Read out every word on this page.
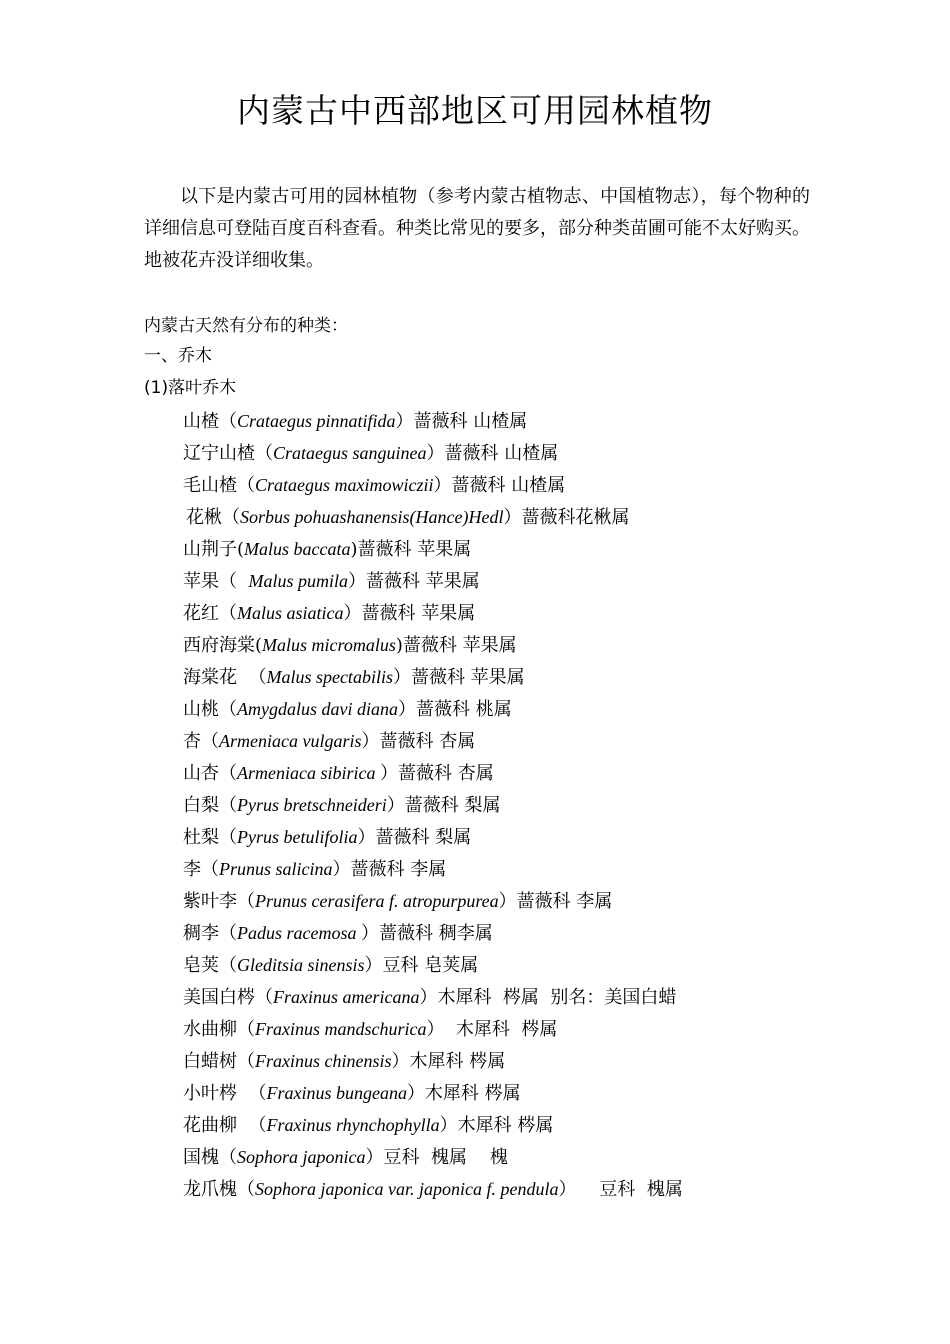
内蒙古中西部地区可用园林植物

以下是内蒙古可用的园林植物（参考内蒙古植物志、中国植物志），每个物种的详细信息可登陆百度百科查看。种类比常见的要多，部分种类苗圃可能不太好购买。地被花卉没详细收集。

内蒙古天然有分布的种类：
一、乔木
(1)落叶乔木
山楂（Crataegus pinnatifida）蔷薇科 山楂属
辽宁山楂（Crataegus sanguinea）蔷薇科 山楂属
毛山楂（Crataegus maximowiczii）蔷薇科 山楂属
花楸（Sorbus pohuashanensis(Hance)Hedl）蔷薇科花楸属
山荆子(Malus baccata)蔷薇科 苹果属
苹果（  Malus pumila）蔷薇科 苹果属
花红（Malus asiatica）蔷薇科 苹果属
西府海棠(Malus micromalus)蔷薇科 苹果属
海棠花  （Malus spectabilis）蔷薇科 苹果属
山桃（Amygdalus davi diana）蔷薇科 桃属
杏（Armeniaca vulgaris）蔷薇科 杏属
山杏（Armeniaca sibirica ）蔷薇科 杏属
白梨（Pyrus bretschneideri）蔷薇科 梨属
杜梨（Pyrus betulifolia）蔷薇科 梨属
李（Prunus salicina）蔷薇科 李属
紫叶李（Prunus cerasifera f. atropurpurea）蔷薇科 李属
稠李（Padus racemosa ）蔷薇科 稠李属
皂荚（Gleditsia sinensis）豆科 皂荚属
美国白梣（Fraxinus americana）木犀科  梣属  别名：美国白蜡
水曲柳（Fraxinus mandschurica）  木犀科  梣属
白蜡树（Fraxinus chinensis）木犀科 梣属
小叶梣  （Fraxinus bungeana）木犀科 梣属
花曲柳  （Fraxinus rhynchophylla）木犀科 梣属
国槐（Sophora japonica）豆科  槐属    槐
龙爪槐（Sophora japonica var. japonica f. pendula）    豆科  槐属
